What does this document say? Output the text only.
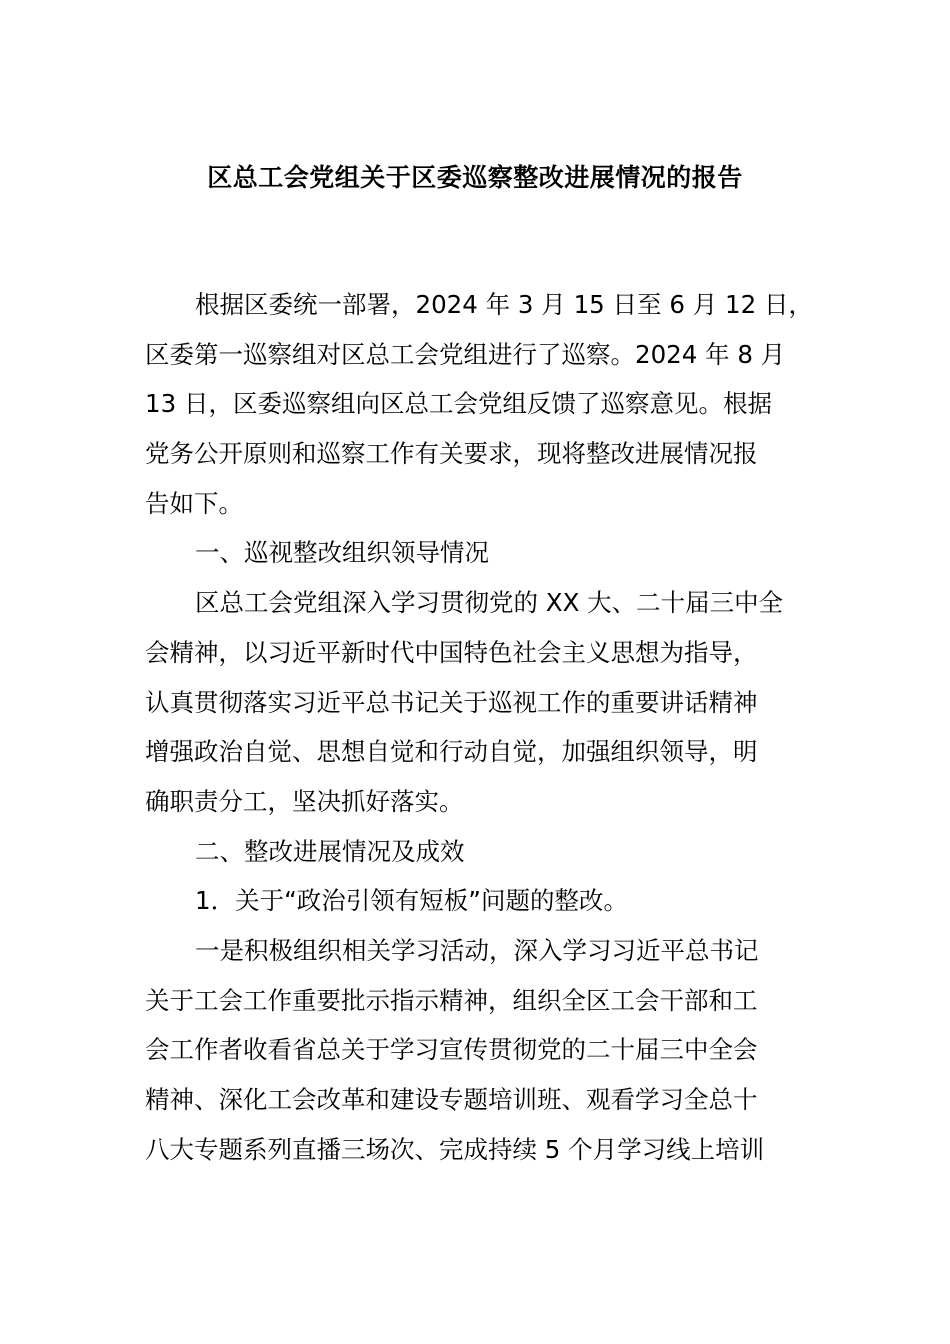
区总工会党组关于区委巡察整改进展情况的报告
根据区委统一部署，2024 年 3 月 15 日至 6 月 12 日，
区委第一巡察组对区总工会党组进行了巡察。2024 年 8 月
13 日，区委巡察组向区总工会党组反馈了巡察意见。根据
党务公开原则和巡察工作有关要求，现将整改进展情况报
告如下。
一、巡视整改组织领导情况
区总工会党组深入学习贯彻党的 XX 大、二十届三中全
会精神，以习近平新时代中国特色社会主义思想为指导，
认真贯彻落实习近平总书记关于巡视工作的重要讲话精神
增强政治自觉、思想自觉和行动自觉，加强组织领导，明
确职责分工，坚决抓好落实。
二、整改进展情况及成效
1．关于“政治引领有短板”问题的整改。
一是积极组织相关学习活动，深入学习习近平总书记
关于工会工作重要批示指示精神，组织全区工会干部和工
会工作者收看省总关于学习宣传贯彻党的二十届三中全会
精神、深化工会改革和建设专题培训班、观看学习全总十
八大专题系列直播三场次、完成持续 5 个月学习线上培训
